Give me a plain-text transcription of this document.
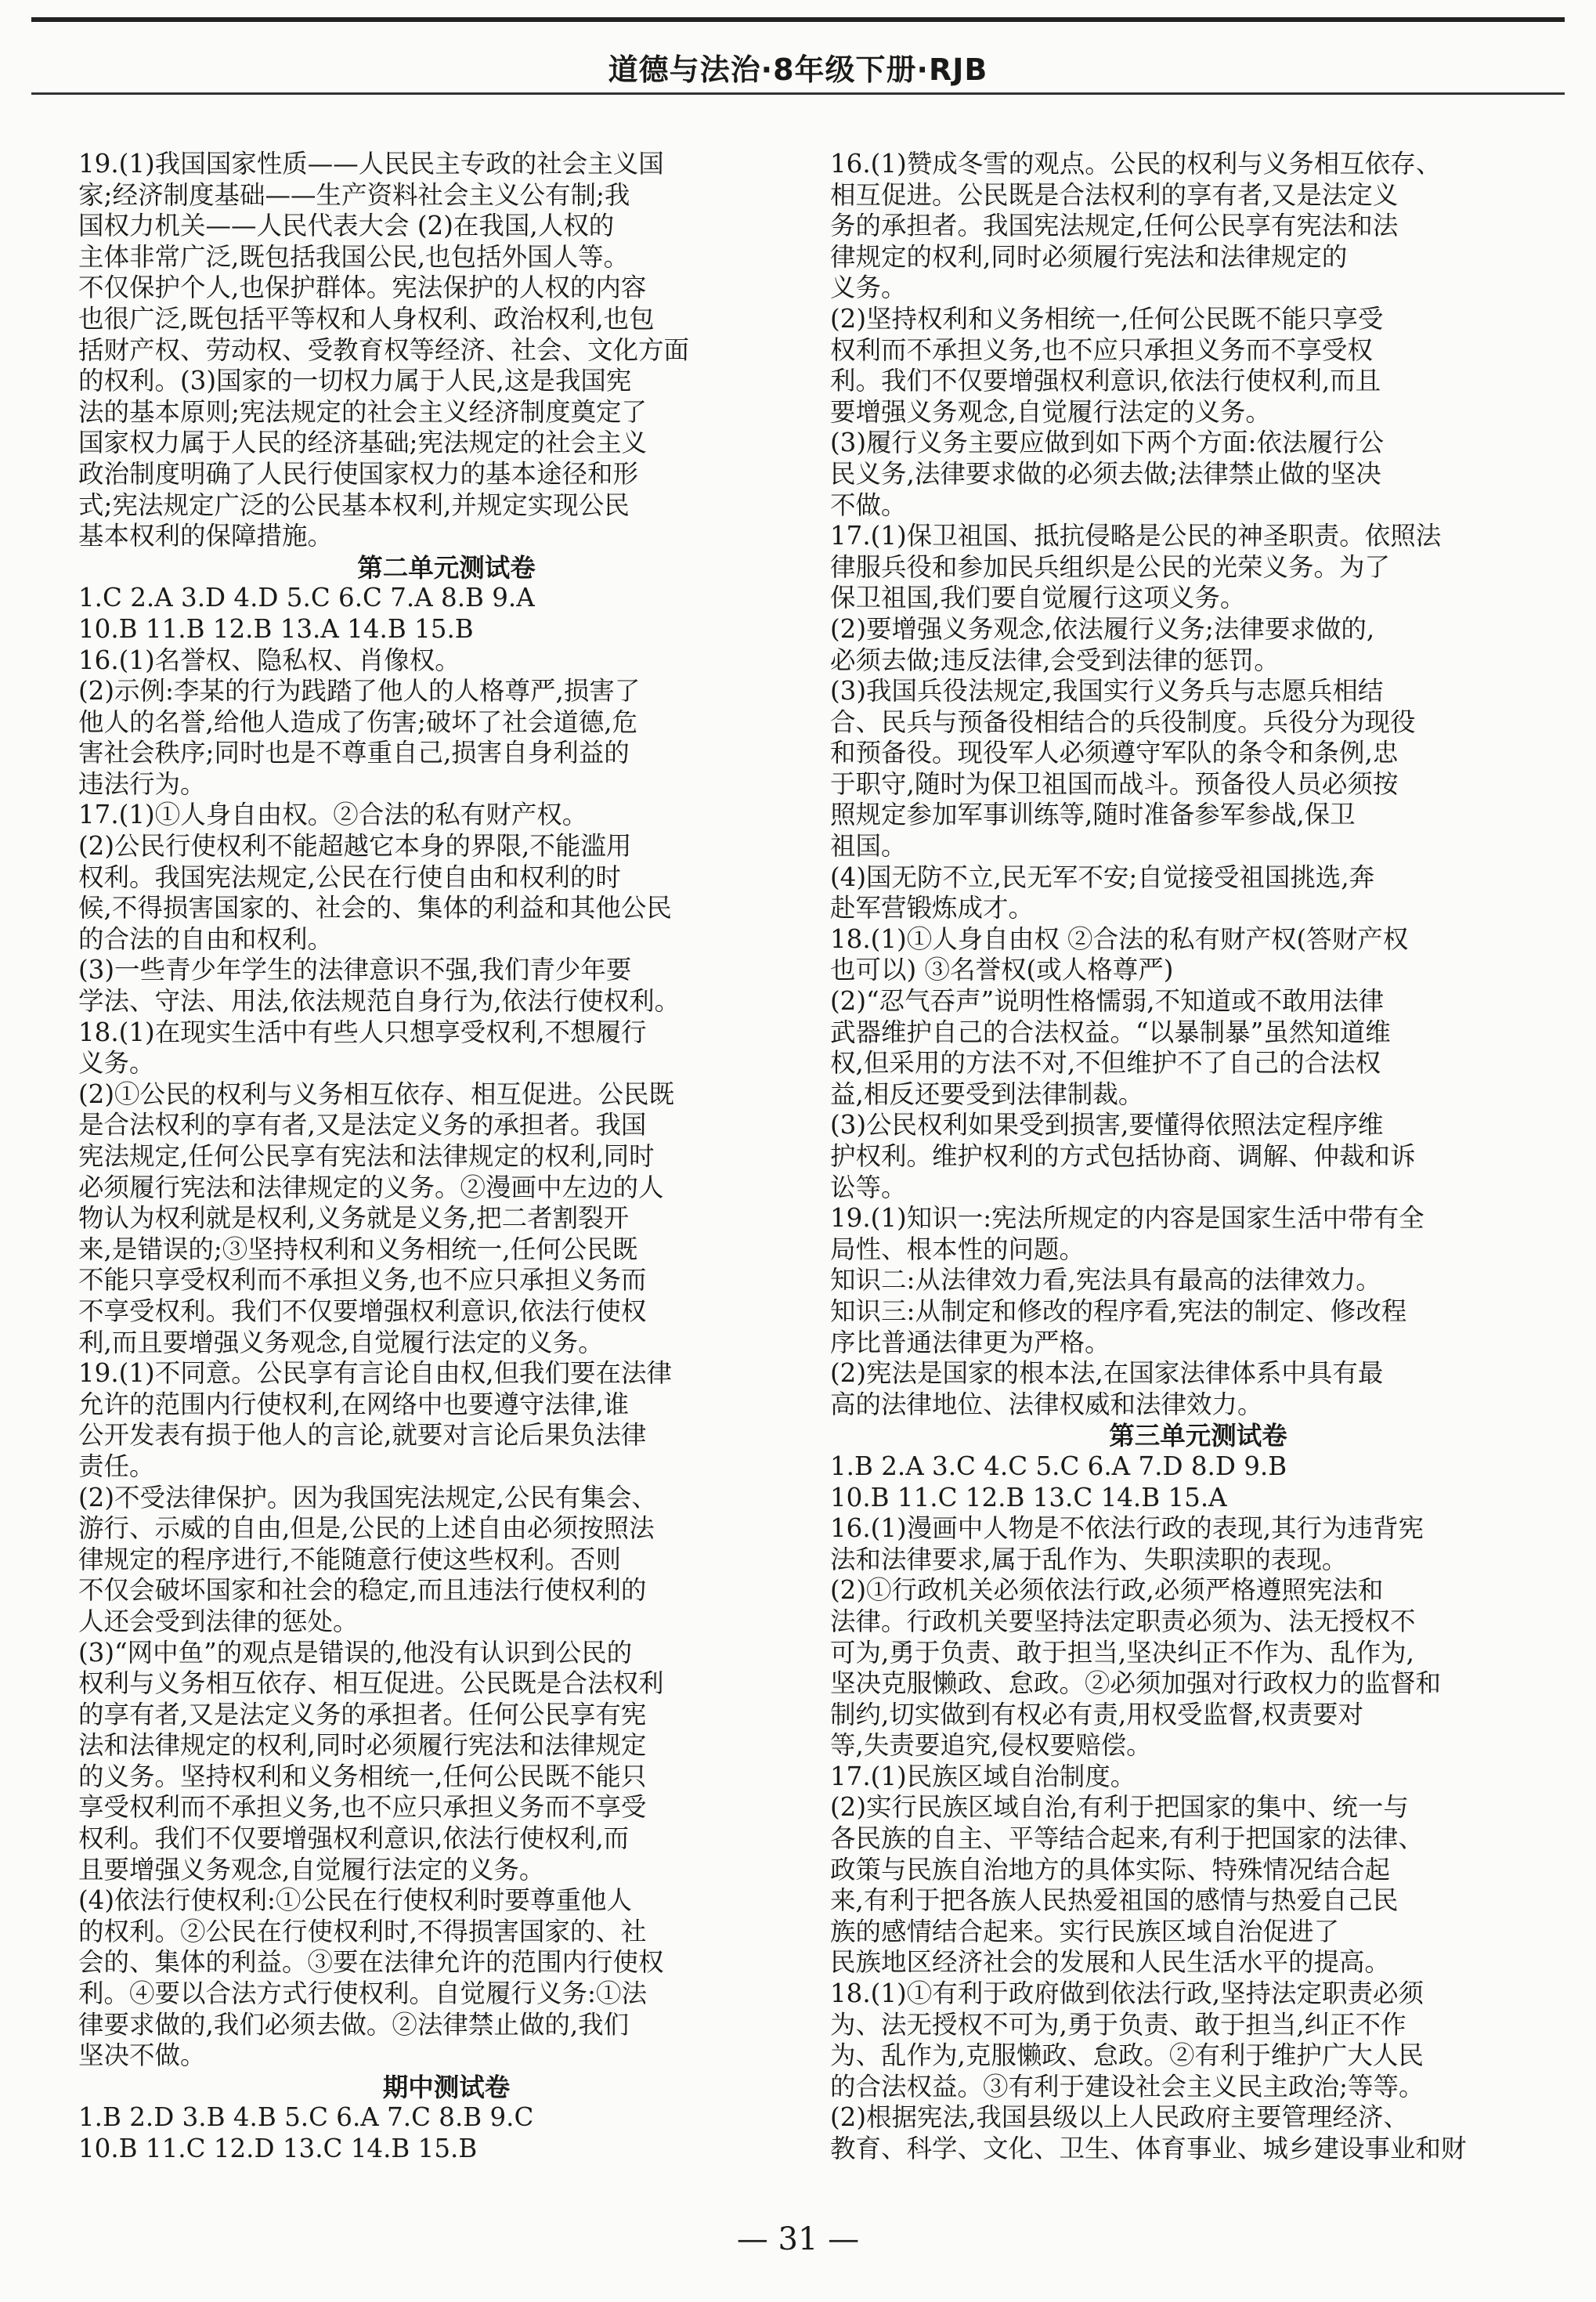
道德与法治·8年级下册·RJB
19.(1)我国国家性质——人民民主专政的社会主义国
家;经济制度基础——生产资料社会主义公有制;我
国权力机关——人民代表大会 (2)在我国,人权的
主体非常广泛,既包括我国公民,也包括外国人等。
不仅保护个人,也保护群体。宪法保护的人权的内容
也很广泛,既包括平等权和人身权利、政治权利,也包
括财产权、劳动权、受教育权等经济、社会、文化方面
的权利。(3)国家的一切权力属于人民,这是我国宪
法的基本原则;宪法规定的社会主义经济制度奠定了
国家权力属于人民的经济基础;宪法规定的社会主义
政治制度明确了人民行使国家权力的基本途径和形
式;宪法规定广泛的公民基本权利,并规定实现公民
基本权利的保障措施。
第二单元测试卷
1.C 2.A 3.D 4.D 5.C 6.C 7.A 8.B 9.A
10.B 11.B 12.B 13.A 14.B 15.B
16.(1)名誉权、隐私权、肖像权。
(2)示例:李某的行为践踏了他人的人格尊严,损害了
他人的名誉,给他人造成了伤害;破坏了社会道德,危
害社会秩序;同时也是不尊重自己,损害自身利益的
违法行为。
17.(1)①人身自由权。②合法的私有财产权。
(2)公民行使权利不能超越它本身的界限,不能滥用
权利。我国宪法规定,公民在行使自由和权利的时
候,不得损害国家的、社会的、集体的利益和其他公民
的合法的自由和权利。
(3)一些青少年学生的法律意识不强,我们青少年要
学法、守法、用法,依法规范自身行为,依法行使权利。
18.(1)在现实生活中有些人只想享受权利,不想履行
义务。
(2)①公民的权利与义务相互依存、相互促进。公民既
是合法权利的享有者,又是法定义务的承担者。我国
宪法规定,任何公民享有宪法和法律规定的权利,同时
必须履行宪法和法律规定的义务。②漫画中左边的人
物认为权利就是权利,义务就是义务,把二者割裂开
来,是错误的;③坚持权利和义务相统一,任何公民既
不能只享受权利而不承担义务,也不应只承担义务而
不享受权利。我们不仅要增强权利意识,依法行使权
利,而且要增强义务观念,自觉履行法定的义务。
19.(1)不同意。公民享有言论自由权,但我们要在法律
允许的范围内行使权利,在网络中也要遵守法律,谁
公开发表有损于他人的言论,就要对言论后果负法律
责任。
(2)不受法律保护。因为我国宪法规定,公民有集会、
游行、示威的自由,但是,公民的上述自由必须按照法
律规定的程序进行,不能随意行使这些权利。否则
不仅会破坏国家和社会的稳定,而且违法行使权利的
人还会受到法律的惩处。
(3)“网中鱼”的观点是错误的,他没有认识到公民的
权利与义务相互依存、相互促进。公民既是合法权利
的享有者,又是法定义务的承担者。任何公民享有宪
法和法律规定的权利,同时必须履行宪法和法律规定
的义务。坚持权利和义务相统一,任何公民既不能只
享受权利而不承担义务,也不应只承担义务而不享受
权利。我们不仅要增强权利意识,依法行使权利,而
且要增强义务观念,自觉履行法定的义务。
(4)依法行使权利:①公民在行使权利时要尊重他人
的权利。②公民在行使权利时,不得损害国家的、社
会的、集体的利益。③要在法律允许的范围内行使权
利。④要以合法方式行使权利。自觉履行义务:①法
律要求做的,我们必须去做。②法律禁止做的,我们
坚决不做。
期中测试卷
1.B 2.D 3.B 4.B 5.C 6.A 7.C 8.B 9.C
10.B 11.C 12.D 13.C 14.B 15.B
16.(1)赞成冬雪的观点。公民的权利与义务相互依存、
相互促进。公民既是合法权利的享有者,又是法定义
务的承担者。我国宪法规定,任何公民享有宪法和法
律规定的权利,同时必须履行宪法和法律规定的
义务。
(2)坚持权利和义务相统一,任何公民既不能只享受
权利而不承担义务,也不应只承担义务而不享受权
利。我们不仅要增强权利意识,依法行使权利,而且
要增强义务观念,自觉履行法定的义务。
(3)履行义务主要应做到如下两个方面:依法履行公
民义务,法律要求做的必须去做;法律禁止做的坚决
不做。
17.(1)保卫祖国、抵抗侵略是公民的神圣职责。依照法
律服兵役和参加民兵组织是公民的光荣义务。为了
保卫祖国,我们要自觉履行这项义务。
(2)要增强义务观念,依法履行义务;法律要求做的,
必须去做;违反法律,会受到法律的惩罚。
(3)我国兵役法规定,我国实行义务兵与志愿兵相结
合、民兵与预备役相结合的兵役制度。兵役分为现役
和预备役。现役军人必须遵守军队的条令和条例,忠
于职守,随时为保卫祖国而战斗。预备役人员必须按
照规定参加军事训练等,随时准备参军参战,保卫
祖国。
(4)国无防不立,民无军不安;自觉接受祖国挑选,奔
赴军营锻炼成才。
18.(1)①人身自由权 ②合法的私有财产权(答财产权
也可以) ③名誉权(或人格尊严)
(2)“忍气吞声”说明性格懦弱,不知道或不敢用法律
武器维护自己的合法权益。“以暴制暴”虽然知道维
权,但采用的方法不对,不但维护不了自己的合法权
益,相反还要受到法律制裁。
(3)公民权利如果受到损害,要懂得依照法定程序维
护权利。维护权利的方式包括协商、调解、仲裁和诉
讼等。
19.(1)知识一:宪法所规定的内容是国家生活中带有全
局性、根本性的问题。
知识二:从法律效力看,宪法具有最高的法律效力。
知识三:从制定和修改的程序看,宪法的制定、修改程
序比普通法律更为严格。
(2)宪法是国家的根本法,在国家法律体系中具有最
高的法律地位、法律权威和法律效力。
第三单元测试卷
1.B 2.A 3.C 4.C 5.C 6.A 7.D 8.D 9.B
10.B 11.C 12.B 13.C 14.B 15.A
16.(1)漫画中人物是不依法行政的表现,其行为违背宪
法和法律要求,属于乱作为、失职渎职的表现。
(2)①行政机关必须依法行政,必须严格遵照宪法和
法律。行政机关要坚持法定职责必须为、法无授权不
可为,勇于负责、敢于担当,坚决纠正不作为、乱作为,
坚决克服懒政、怠政。②必须加强对行政权力的监督和
制约,切实做到有权必有责,用权受监督,权责要对
等,失责要追究,侵权要赔偿。
17.(1)民族区域自治制度。
(2)实行民族区域自治,有利于把国家的集中、统一与
各民族的自主、平等结合起来,有利于把国家的法律、
政策与民族自治地方的具体实际、特殊情况结合起
来,有利于把各族人民热爱祖国的感情与热爱自己民
族的感情结合起来。实行民族区域自治促进了
民族地区经济社会的发展和人民生活水平的提高。
18.(1)①有利于政府做到依法行政,坚持法定职责必须
为、法无授权不可为,勇于负责、敢于担当,纠正不作
为、乱作为,克服懒政、怠政。②有利于维护广大人民
的合法权益。③有利于建设社会主义民主政治;等等。
(2)根据宪法,我国县级以上人民政府主要管理经济、
教育、科学、文化、卫生、体育事业、城乡建设事业和财
— 31 —
